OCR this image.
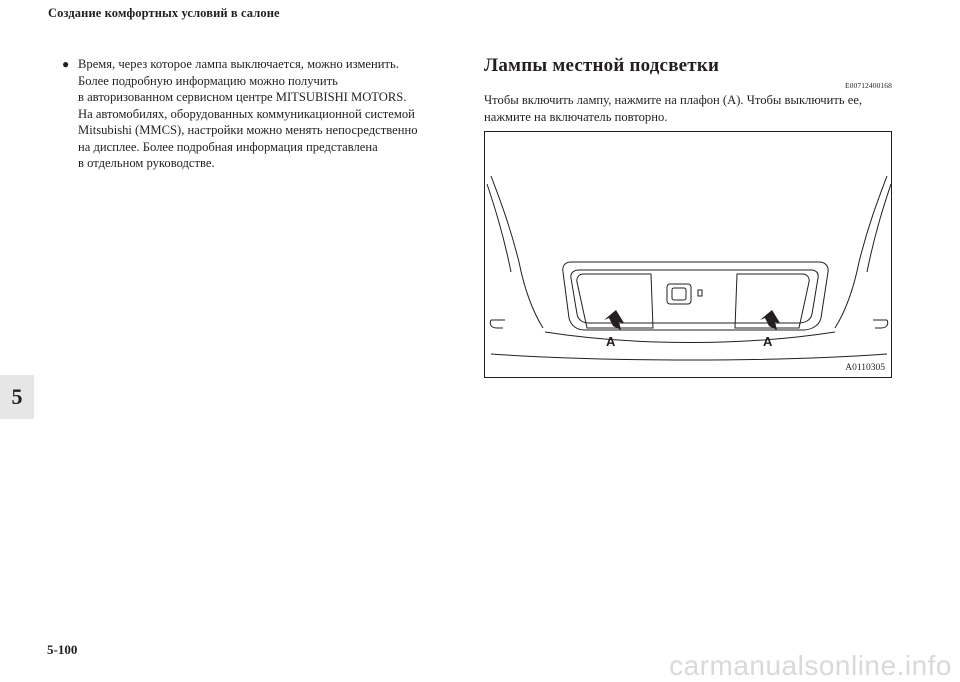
Создание комфортных условий в салоне
5
● Время, через которое лампа выключается, можно изменить.
Более подробную информацию можно получить
в авторизованном сервисном центре MITSUBISHI MOTORS.
На автомобилях, оборудованных коммуникационной системой
Mitsubishi (MMCS), настройки можно менять непосредственно
на дисплее. Более подробная информация представлена
в отдельном руководстве.
Лампы местной подсветки
E00712400168
Чтобы включить лампу, нажмите на плафон (A). Чтобы выключить ее,
нажмите на включатель повторно.
A	A
A0110305
5-100
carmanualsonline.info
